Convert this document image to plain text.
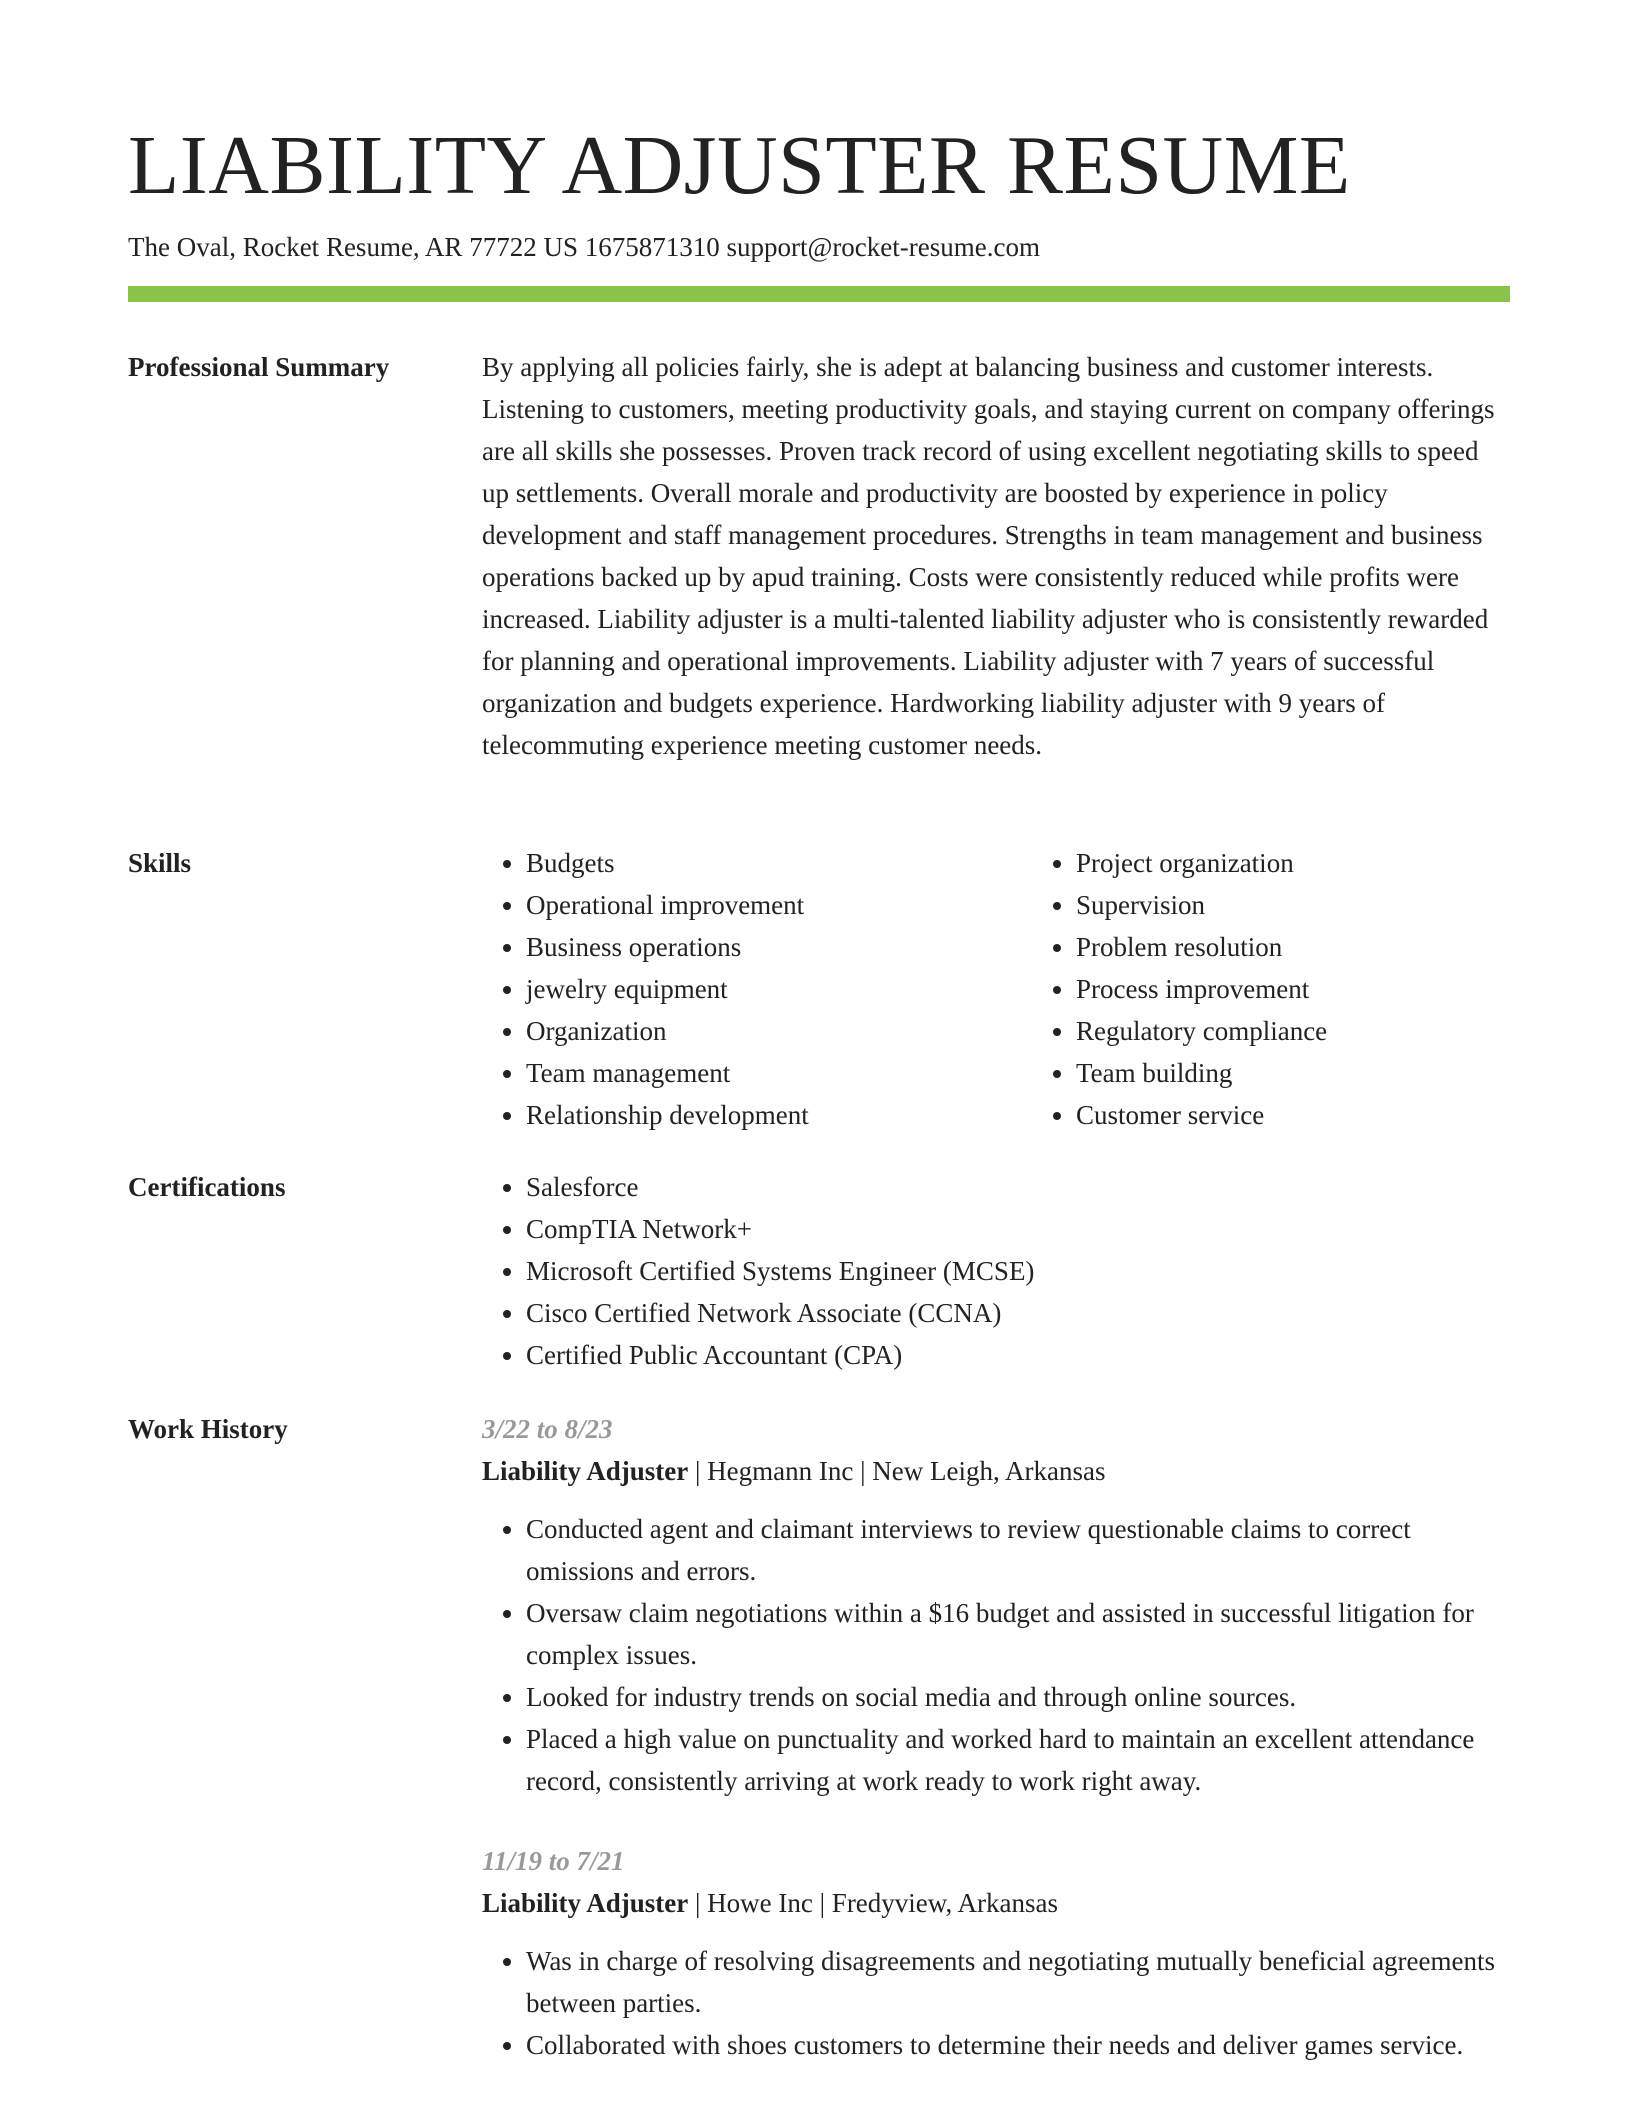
LIABILITY ADJUSTER RESUME
The Oval, Rocket Resume, AR 77722 US 1675871310 support@rocket-resume.com
Professional Summary	By applying all policies fairly, she is adept at balancing business and customer interests. Listening to customers, meeting productivity goals, and staying current on company offerings are all skills she possesses. Proven track record of using excellent negotiating skills to speed up settlements. Overall morale and productivity are boosted by experience in policy development and staff management procedures. Strengths in team management and business operations backed up by apud training. Costs were consistently reduced while profits were increased. Liability adjuster is a multi-talented liability adjuster who is consistently rewarded for planning and operational improvements. Liability adjuster with 7 years of successful organization and budgets experience. Hardworking liability adjuster with 9 years of telecommuting experience meeting customer needs.

Skills	• Budgets
• Operational improvement
• Business operations
• jewelry equipment
• Organization
• Team management
• Relationship development
• Project organization
• Supervision
• Problem resolution
• Process improvement
• Regulatory compliance
• Team building
• Customer service
Certifications	• Salesforce
• CompTIA Network+
• Microsoft Certified Systems Engineer (MCSE)
• Cisco Certified Network Associate (CCNA)
• Certified Public Accountant (CPA)
Work History	3/22 to 8/23
Liability Adjuster | Hegmann Inc | New Leigh, Arkansas
• Conducted agent and claimant interviews to review questionable claims to correct omissions and errors.
• Oversaw claim negotiations within a $16 budget and assisted in successful litigation for complex issues.
• Looked for industry trends on social media and through online sources.
• Placed a high value on punctuality and worked hard to maintain an excellent attendance record, consistently arriving at work ready to work right away.
11/19 to 7/21
Liability Adjuster | Howe Inc | Fredyview, Arkansas
• Was in charge of resolving disagreements and negotiating mutually beneficial agreements between parties.
• Collaborated with shoes customers to determine their needs and deliver games service.
